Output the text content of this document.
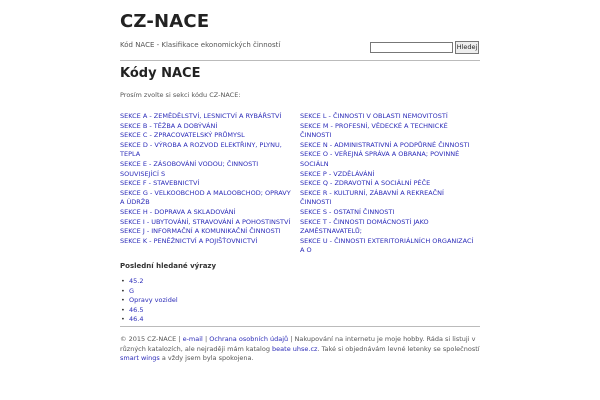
CZ-NACE
Kód NACE - Klasifikace ekonomických činností	Hledej
Kódy NACE
Prosím zvolte si sekci kódu CZ-NACE:
SEKCE A - ZEMĚDĚLSTVÍ, LESNICTVÍ A RYBÁŘSTVÍ
SEKCE B - TĚŽBA A DOBÝVÁNÍ
SEKCE C - ZPRACOVATELSKÝ PRŮMYSL
SEKCE D - VÝROBA A ROZVOD ELEKTŘINY, PLYNU, TEPLA
SEKCE E - ZÁSOBOVÁNÍ VODOU; ČINNOSTI SOUVISEJÍCÍ S
SEKCE F - STAVEBNICTVÍ
SEKCE G - VELKOOBCHOD A MALOOBCHOD; OPRAVY A ÚDRŽB
SEKCE H - DOPRAVA A SKLADOVÁNÍ
SEKCE I - UBYTOVÁNÍ, STRAVOVÁNÍ A POHOSTINSTVÍ
SEKCE J - INFORMAČNÍ A KOMUNIKAČNÍ ČINNOSTI
SEKCE K - PENĚŽNICTVÍ A POJIŠŤOVNICTVÍ
SEKCE L - ČINNOSTI V OBLASTI NEMOVITOSTÍ
SEKCE M - PROFESNÍ, VĚDECKÉ A TECHNICKÉ ČINNOSTI
SEKCE N - ADMINISTRATIVNÍ A PODPŮRNÉ ČINNOSTI
SEKCE O - VEŘEJNÁ SPRÁVA A OBRANA; POVINNÉ SOCIÁLN
SEKCE P - VZDĚLÁVÁNÍ
SEKCE Q - ZDRAVOTNÍ A SOCIÁLNÍ PÉČE
SEKCE R - KULTURNÍ, ZÁBAVNÍ A REKREAČNÍ ČINNOSTI
SEKCE S - OSTATNÍ ČINNOSTI
SEKCE T - ČINNOSTI DOMÁCNOSTÍ JAKO ZAMĚSTNAVATELŮ;
SEKCE U - ČINNOSTI EXTERITORIÁLNÍCH ORGANIZACÍ A O
Poslední hledané výrazy
• 45.2
• G
• Opravy vozidel
• 46.5
• 46.4
© 2015 CZ-NACE | e-mail | Ochrana osobních údajů | Nakupování na internetu je moje hobby. Ráda si listuji v různých katalozích, ale nejraději mám katalog beate uhse.cz. Také si objednávám levné letenky se společností smart wings a vždy jsem byla spokojena.
